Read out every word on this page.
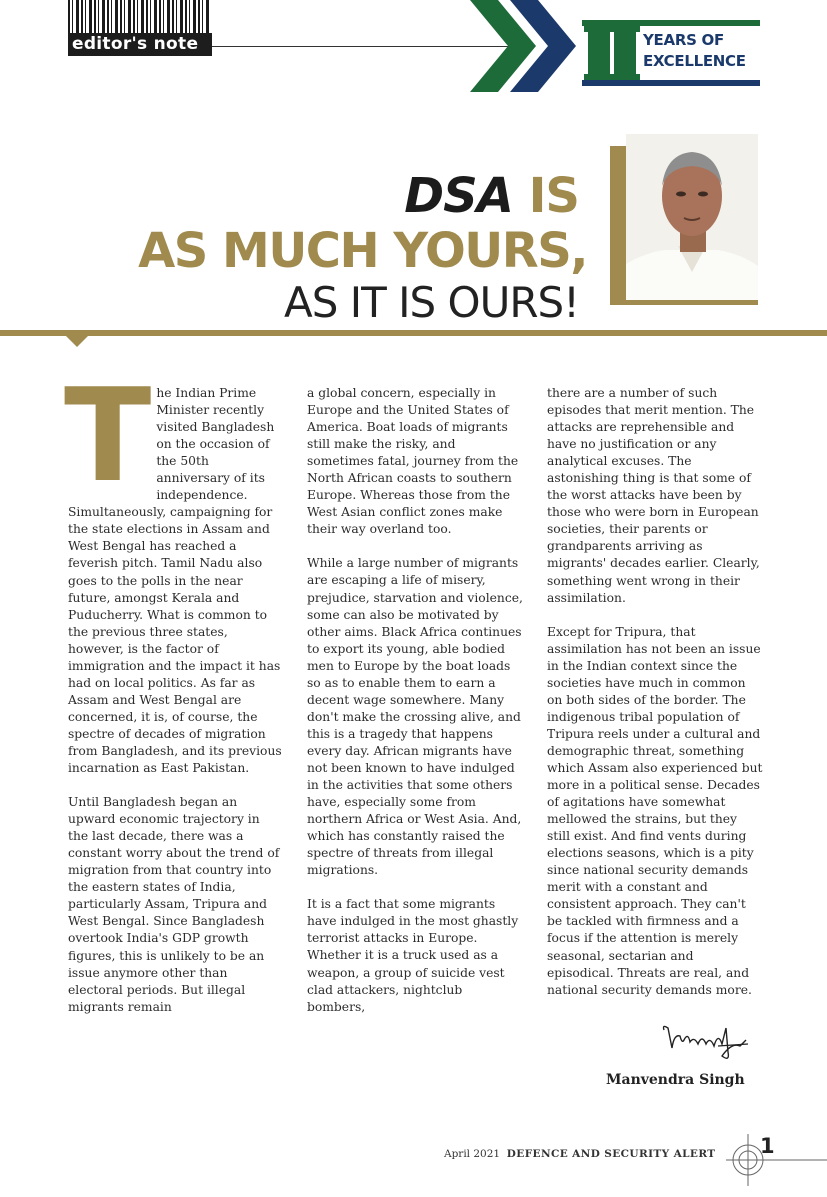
editor's note	YEARS OF
EXCELLENCE
DSA IS
AS MUCH YOURS,
AS IT IS OURS!

The Indian Prime Minister recently visited Bangladesh on the occasion of the 50th anniversary of its independence. Simultaneously, campaigning for the state elections in Assam and West Bengal has reached a feverish pitch. Tamil Nadu also goes to the polls in the near future, amongst Kerala and Puducherry. What is common to the previous three states, however, is the factor of immigration and the impact it has had on local politics. As far as Assam and West Bengal are concerned, it is, of course, the spectre of decades of migration from Bangladesh, and its previous incarnation as East Pakistan.

Until Bangladesh began an upward economic trajectory in the last decade, there was a constant worry about the trend of migration from that country into the eastern states of India, particularly Assam, Tripura and West Bengal. Since Bangladesh overtook India's GDP growth figures, this is unlikely to be an issue anymore other than electoral periods. But illegal migrants remain

a global concern, especially in Europe and the United States of America. Boat loads of migrants still make the risky, and sometimes fatal, journey from the North African coasts to southern Europe. Whereas those from the West Asian conflict zones make their way overland too.

While a large number of migrants are escaping a life of misery, prejudice, starvation and violence, some can also be motivated by other aims. Black Africa continues to export its young, able bodied men to Europe by the boat loads so as to enable them to earn a decent wage somewhere. Many don't make the crossing alive, and this is a tragedy that happens every day. African migrants have not been known to have indulged in the activities that some others have, especially some from northern Africa or West Asia. And, which has constantly raised the spectre of threats from illegal migrations.

It is a fact that some migrants have indulged in the most ghastly terrorist attacks in Europe. Whether it is a truck used as a weapon, a group of suicide vest clad attackers, nightclub bombers,

there are a number of such episodes that merit mention. The attacks are reprehensible and have no justification or any analytical excuses. The astonishing thing is that some of the worst attacks have been by those who were born in European societies, their parents or grandparents arriving as migrants' decades earlier. Clearly, something went wrong in their assimilation.

Except for Tripura, that assimilation has not been an issue in the Indian context since the societies have much in common on both sides of the border. The indigenous tribal population of Tripura reels under a cultural and demographic threat, something which Assam also experienced but more in a political sense. Decades of agitations have somewhat mellowed the strains, but they still exist. And find vents during elections seasons, which is a pity since national security demands merit with a constant and consistent approach. They can't be tackled with firmness and a focus if the attention is merely seasonal, sectarian and episodical. Threats are real, and national security demands more.

Manvendra Singh
April 2021 DEFENCE AND SECURITY ALERT 1
